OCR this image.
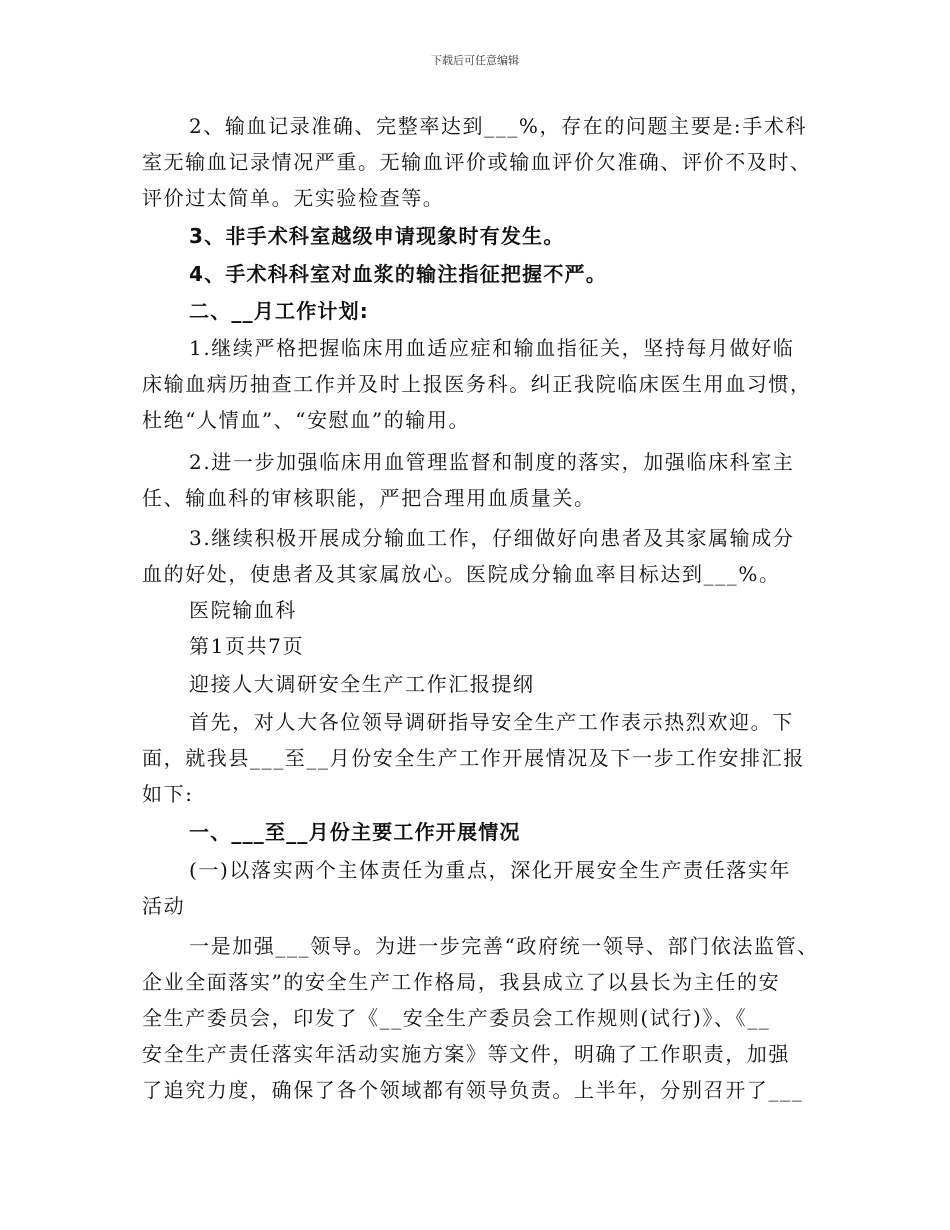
下载后可任意编辑
2、输血记录准确、完整率达到___%，存在的问题主要是:手术科
室无输血记录情况严重。无输血评价或输血评价欠准确、评价不及时、
评价过太简单。无实验检查等。
3、非手术科室越级申请现象时有发生。
4、手术科科室对血浆的输注指征把握不严。
二、__月工作计划:
1.继续严格把握临床用血适应症和输血指征关，坚持每月做好临
床输血病历抽查工作并及时上报医务科。纠正我院临床医生用血习惯，
杜绝“人情血”、“安慰血”的输用。
2.进一步加强临床用血管理监督和制度的落实，加强临床科室主
任、输血科的审核职能，严把合理用血质量关。
3.继续积极开展成分输血工作，仔细做好向患者及其家属输成分
血的好处，使患者及其家属放心。医院成分输血率目标达到___%。
医院输血科
第1页共7页
迎接人大调研安全生产工作汇报提纲
首先，对人大各位领导调研指导安全生产工作表示热烈欢迎。下
面，就我县___至__月份安全生产工作开展情况及下一步工作安排汇报
如下:
一、___至__月份主要工作开展情况
(一)以落实两个主体责任为重点，深化开展安全生产责任落实年
活动
一是加强___领导。为进一步完善“政府统一领导、部门依法监管、
企业全面落实”的安全生产工作格局，我县成立了以县长为主任的安
全生产委员会，印发了《__安全生产委员会工作规则(试行)》、《__
安全生产责任落实年活动实施方案》等文件，明确了工作职责，加强
了追究力度，确保了各个领域都有领导负责。上半年，分别召开了___
